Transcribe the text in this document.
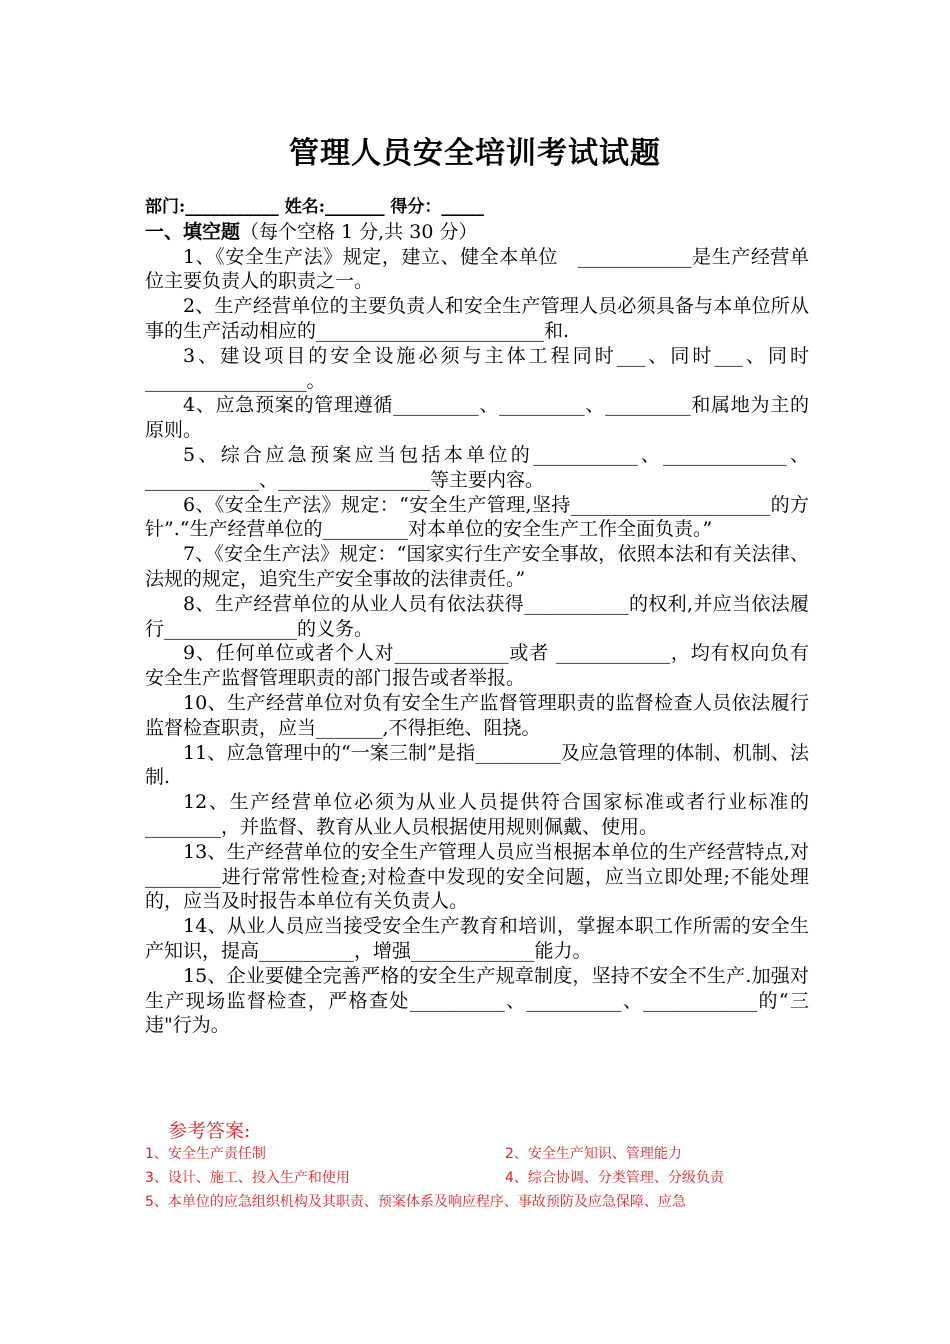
管理人员安全培训考试试题

部门:___________ 姓名:_______ 得分：_____

一、填空题（每个空格 1 分,共 30 分）

1、《安全生产法》规定，建立、健全本单位　____________是生产经营单位主要负责人的职责之一。

2、生产经营单位的主要负责人和安全生产管理人员必须具备与本单位所从事的生产活动相应的________________________和.

3、建设项目的安全设施必须与主体工程同时___、同时___、同时_________________。

4、应急预案的管理遵循_________、_________、_________和属地为主的原则。

5、综合应急预案应当包括本单位的___________、_____________、____________、________________等主要内容。

6、《安全生产法》规定：“安全生产管理,坚持_____________________的方针”.“生产经营单位的_________对本单位的安全生产工作全面负责。”

7、《安全生产法》规定：“国家实行生产安全事故，依照本法和有关法律、法规的规定，追究生产安全事故的法律责任。”

8、生产经营单位的从业人员有依法获得___________的权利,并应当依法履行______________的义务。

9、任何单位或者个人对____________或者 ____________，均有权向负有安全生产监督管理职责的部门报告或者举报。

10、生产经营单位对负有安全生产监督管理职责的监督检查人员依法履行监督检查职责，应当_______,不得拒绝、阻挠。

11、应急管理中的“一案三制”是指_________及应急管理的体制、机制、法制.

12、生产经营单位必须为从业人员提供符合国家标准或者行业标准的________，并监督、教育从业人员根据使用规则佩戴、使用。

13、生产经营单位的安全生产管理人员应当根据本单位的生产经营特点,对________进行常常性检查;对检查中发现的安全问题，应当立即处理;不能处理的，应当及时报告本单位有关负责人。

14、从业人员应当接受安全生产教育和培训，掌握本职工作所需的安全生产知识，提高__________，增强_____________能力。

15、企业要健全完善严格的安全生产规章制度，坚持不安全不生产.加强对生产现场监督检查，严格查处__________、__________、____________的“三违"行为。

参考答案:
1、安全生产责任制	2、安全生产知识、管理能力
3、设计、施工、投入生产和使用	4、综合协调、分类管理、分级负责
5、本单位的应急组织机构及其职责、预案体系及响应程序、事故预防及应急保障、应急
